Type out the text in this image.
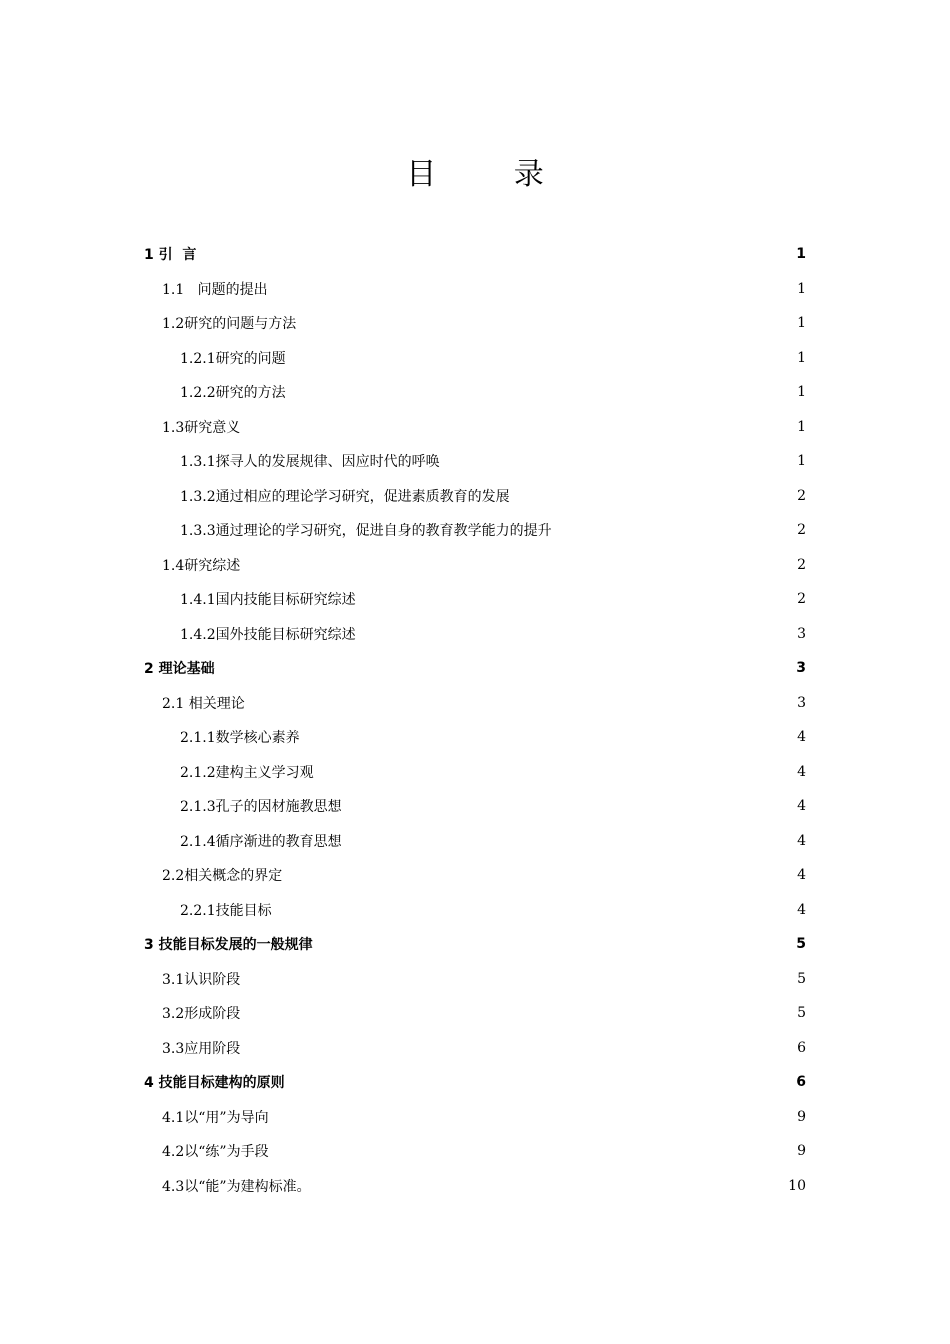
目 录
1 引  言	1
1.1   问题的提出	1
1.2研究的问题与方法	1
1.2.1研究的问题	1
1.2.2研究的方法	1
1.3研究意义	1
1.3.1探寻人的发展规律、因应时代的呼唤	1
1.3.2通过相应的理论学习研究，促进素质教育的发展	2
1.3.3通过理论的学习研究，促进自身的教育教学能力的提升	2
1.4研究综述	2
1.4.1国内技能目标研究综述	2
1.4.2国外技能目标研究综述	3
2 理论基础	3
2.1 相关理论	3
2.1.1数学核心素养	4
2.1.2建构主义学习观	4
2.1.3孔子的因材施教思想	4
2.1.4循序渐进的教育思想	4
2.2相关概念的界定	4
2.2.1技能目标	4
3 技能目标发展的一般规律	5
3.1认识阶段	5
3.2形成阶段	5
3.3应用阶段	6
4 技能目标建构的原则	6
4.1以“用”为导向	9
4.2以“练”为手段	9
4.3以“能”为建构标准。	10
